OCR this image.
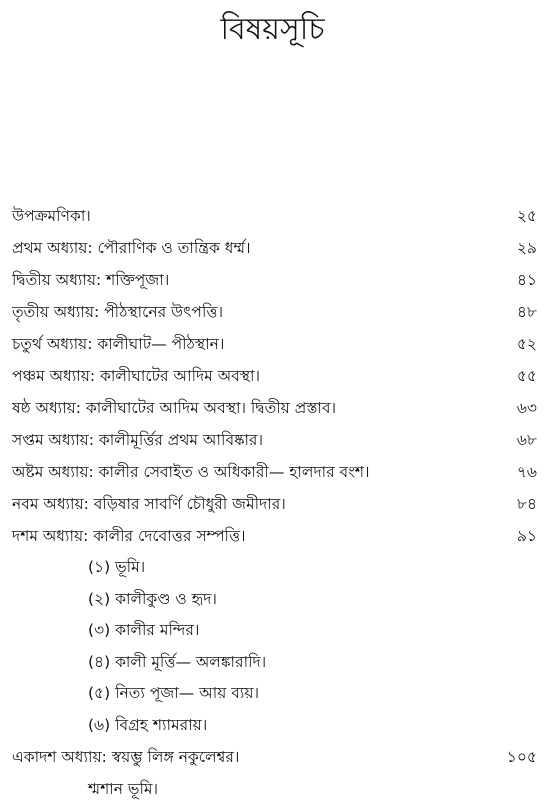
বিষয়সূচি
উপক্রমণিকা।	২৫
প্রথম অধ্যায়: পৌরাণিক ও তান্ত্রিক ধর্ম্ম।	২৯
দ্বিতীয় অধ্যায়: শক্তিপূজা।	৪১
তৃতীয় অধ্যায়: পীঠস্থানের উৎপত্তি।	৪৮
চতুর্থ অধ্যায়: কালীঘাট— পীঠস্থান।	৫২
পঞ্চম অধ্যায়: কালীঘাটের আদিম অবস্থা।	৫৫
ষষ্ঠ অধ্যায়: কালীঘাটের আদিম অবস্থা। দ্বিতীয় প্রস্তাব।	৬৩
সপ্তম অধ্যায়: কালীমূর্ত্তির প্রথম আবিষ্কার।	৬৮
অষ্টম অধ্যায়: কালীর সেবাইত ও অধিকারী— হালদার বংশ।	৭৬
নবম অধ্যায়: বড়িষার সাবর্ণি চৌধুরী জমীদার।	৮৪
দশম অধ্যায়: কালীর দেবোত্তর সম্পত্তি।	৯১
(১) ভূমি।
(২) কালীকুণ্ড ও হৃদ।
(৩) কালীর মন্দির।
(৪) কালী মূর্ত্তি— অলঙ্কারাদি।
(৫) নিত্য পূজা— আয় ব্যয়।
(৬) বিগ্রহ শ্যামরায়।
একাদশ অধ্যায়: স্বয়ম্ভু লিঙ্গ নকুলেশ্বর।	১০৫
শ্মশান ভূমি।
